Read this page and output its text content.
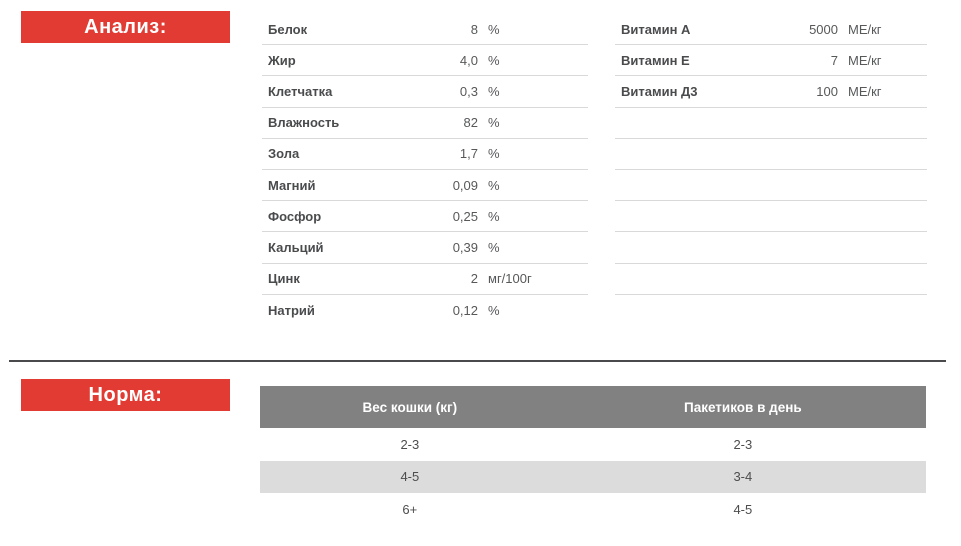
Анализ:	Белок	8 %
Жир	4,0 %
Клетчатка	0,3 %
Влажность	82 %
Зола	1,7 %
Магний	0,09 %
Фосфор	0,25 %
Кальций	0,39 %
Цинк	2 мг/100г
Натрий	0,12 %
Витамин А	5000 МЕ/кг
Витамин Е	7 МЕ/кг
Витамин Д3	100 МЕ/кг
Норма:
Вес кошки (кг)	Пакетиков в день
2-3	2-3
4-5	3-4
6+	4-5
